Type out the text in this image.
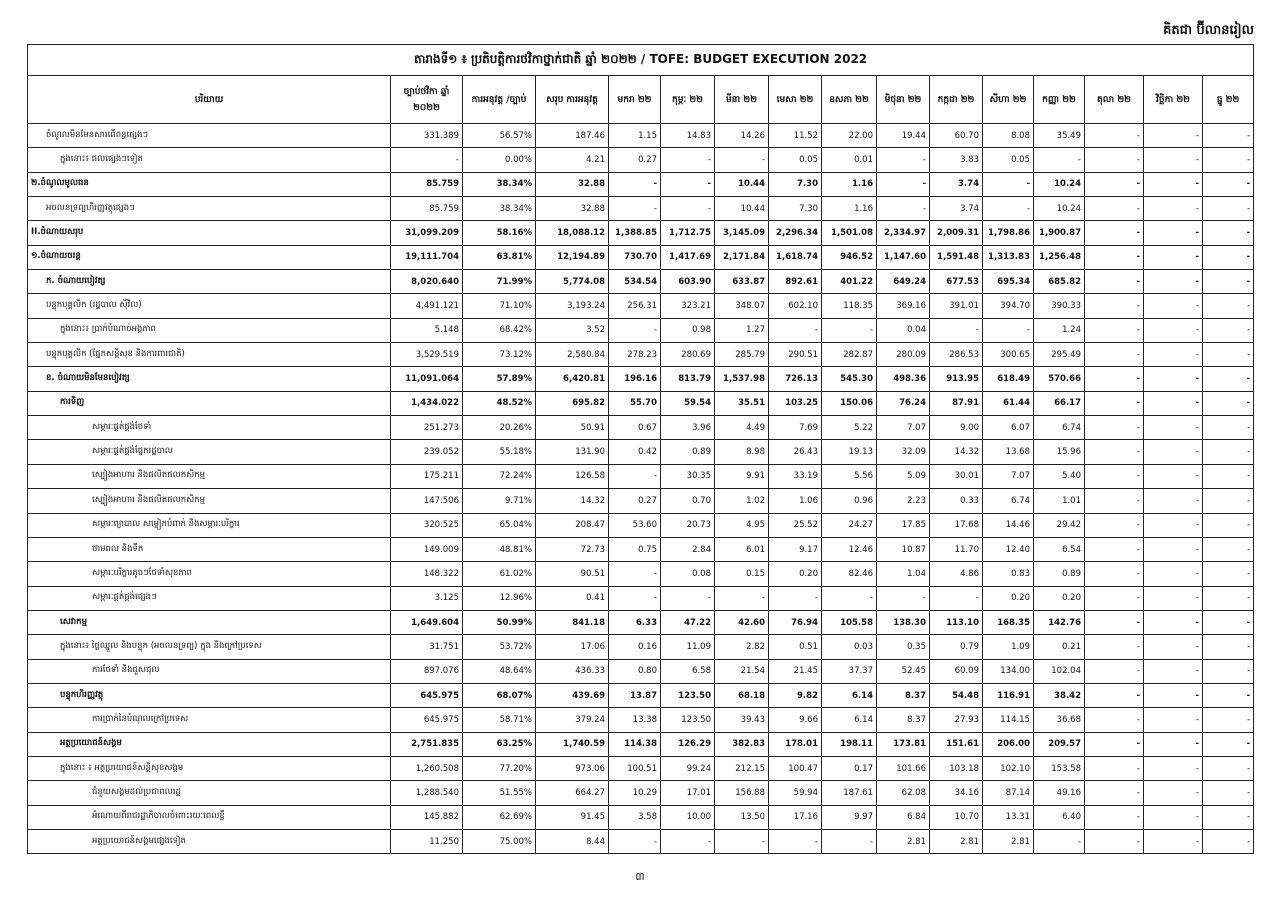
គិតជា ប៊ីលានរៀល
តារាងទី១ ៖ ប្រតិបត្តិការថវិកាថ្នាក់ជាតិ ឆ្នាំ ២០២២ / TOFE: BUDGET EXECUTION 2022															
បរិយាយ	ច្បាប់ថវិកា ឆ្នាំ ២០២២	ការអនុវត្ត /ច្បាប់	សរុប ការអនុវត្ត	មករា ២២	កុម្ភៈ ២២	មីនា ២២	មេសា ២២	ឧសភា ២២	មិថុនា ២២	កក្កដា ២២	សីហា ២២	កញ្ញា ២២	តុលា ២២	វិច្ឆិកា ២២	ធ្នូ ២២
ចំណូលមិនមែនសារពើពន្ធផ្សេងៗ	331.389	56.57%	187.46	1.15	14.83	14.26	11.52	22.00	19.44	60.70	8.08	35.49	-	-	-
ក្នុងនោះ៖ ផលផ្សេងៗទៀត	-	0.00%	4.21	0.27	-	-	0.05	0.01	-	3.83	0.05	-	-	-	-
២.ចំណូលមូលធន	85.759	38.34%	32.88	-	-	10.44	7.30	1.16	-	3.74	-	10.24	-	-	-
អចលនទ្រព្យហិរញ្ញវត្ថុផ្សេងៗ	85.759	38.34%	32.88	-	-	10.44	7.30	1.16	-	3.74	-	10.24	-	-	-
II.ចំណាយសរុប	31,099.209	58.16%	18,088.12	1,388.85	1,712.75	3,145.09	2,296.34	1,501.08	2,334.97	2,009.31	1,798.86	1,900.87	-	-	-
១.ចំណាយចរន្ត	19,111.704	63.81%	12,194.89	730.70	1,417.69	2,171.84	1,618.74	946.52	1,147.60	1,591.48	1,313.83	1,256.48	-	-	-
ក. ចំណាយបៀវត្ស	8,020.640	71.99%	5,774.08	534.54	603.90	633.87	892.61	401.22	649.24	677.53	695.34	685.82	-	-	-
បន្ទុកបុគ្គលិក (រដ្ឋបាល ស៊ីវិល)	4,491.121	71.10%	3,193.24	256.31	323.21	348.07	602.10	118.35	369.16	391.01	394.70	390.33	-	-	-
ក្នុងនោះ៖ ប្រាក់បំណាច់អង្គភាព	5.148	68.42%	3.52	-	0.98	1.27	-	-	0.04	-	-	1.24	-	-	-
បន្ទុកបុគ្គលិក (ផ្នែកសន្តិសុខ និងការពារជាតិ)	3,529.519	73.12%	2,580.84	278.23	280.69	285.79	290.51	282.87	280.09	286.53	300.65	295.49	-	-	-
ខ. ចំណាយមិនមែនបៀវត្ស	11,091.064	57.89%	6,420.81	196.16	813.79	1,537.98	726.13	545.30	498.36	913.95	618.49	570.66	-	-	-
ការទិញ	1,434.022	48.52%	695.82	55.70	59.54	35.51	103.25	150.06	76.24	87.91	61.44	66.17	-	-	-
សម្ភារៈផ្គត់ផ្គង់ថែទាំ	251.273	20.26%	50.91	0.67	3.96	4.49	7.69	5.22	7.07	9.00	6.07	6.74	-	-	-
សម្ភារៈផ្គត់ផ្គង់ផ្នែករដ្ឋបាល	239.052	55.18%	131.90	0.42	0.89	8.98	26.43	19.13	32.09	14.32	13.68	15.96	-	-	-
ស្បៀងអាហារ និងផលិតផលកសិកម្ម	175.211	72.24%	126.58	-	30.35	9.91	33.19	5.56	5.09	30.01	7.07	5.40	-	-	-
ស្បៀងអាហារ និងផលិតផលកសិកម្ម	147.506	9.71%	14.32	0.27	0.70	1.02	1.06	0.96	2.23	0.33	6.74	1.01	-	-	-
សម្ភារៈព្យាបាល សម្លៀកបំពាក់ និងសម្ភារៈបរិក្ខារ	320.525	65.04%	208.47	53.60	20.73	4.95	25.52	24.27	17.85	17.68	14.46	29.42	-	-	-
ថាមពល និងទឹក	149.009	48.81%	72.73	0.75	2.84	6.01	9.17	12.46	10.87	11.70	12.40	6.54	-	-	-
សម្ភារៈបរិក្ខារតូចៗថែទាំសុខភាព	148.322	61.02%	90.51	-	0.08	0.15	0.20	82.46	1.04	4.86	0.83	0.89	-	-	-
សម្ភារៈផ្គត់ផ្គង់ផ្សេងៗ	3.125	12.96%	0.41	-	-	-	-	-	-	-	0.20	0.20	-	-	-
សេវាកម្ម	1,649.604	50.99%	841.18	6.33	47.22	42.60	76.94	105.58	138.30	113.10	168.35	142.76	-	-	-
ក្នុងនោះ៖ ថ្លៃឈ្នួល និងបន្ទុក (អចលនទ្រព្យ) ក្នុង និងក្រៅប្រទេស	31.751	53.72%	17.06	0.16	11.09	2.82	0.51	0.03	0.35	0.79	1.09	0.21	-	-	-
ការថែទាំ និងជួសជុល	897.076	48.64%	436.33	0.80	6.58	21.54	21.45	37.37	52.45	60.09	134.00	102.04	-	-	-
បន្ទុកហិរញ្ញវត្ថុ	645.975	68.07%	439.69	13.87	123.50	68.18	9.82	6.14	8.37	54.48	116.91	38.42	-	-	-
ការប្រាក់នៃបំណុលក្រៅប្រទេស	645.975	58.71%	379.24	13.38	123.50	39.43	9.66	6.14	8.37	27.93	114.15	36.68	-	-	-
អត្ថប្រយោជន៍សង្គម	2,751.835	63.25%	1,740.59	114.38	126.29	382.83	178.01	198.11	173.81	151.61	206.00	209.57	-	-	-
ក្នុងនោះ ៖ អត្ថប្រយោជន៍សន្តិសុខសង្គម	1,260.508	77.20%	973.06	100.51	99.24	212.15	100.47	0.17	101.66	103.18	102.10	153.58	-	-	-
ជំនួយសង្គមដល់ប្រជាពលរដ្ឋ	1,288.540	51.55%	664.27	10.29	17.01	156.88	59.94	187.61	62.08	34.16	87.14	49.16	-	-	-
អំណោយពីរាជរដ្ឋាភិបាលចំពោះរយៈពេលខ្លី	145.882	62.69%	91.45	3.58	10.00	13.50	17.16	9.97	6.84	10.70	13.31	6.40	-	-	-
អត្ថប្រយោជន៍សង្គមផ្សេងទៀត	11.250	75.00%	8.44	-	-	-	-	-	2.81	2.81	2.81	-	-	-	-
៣
